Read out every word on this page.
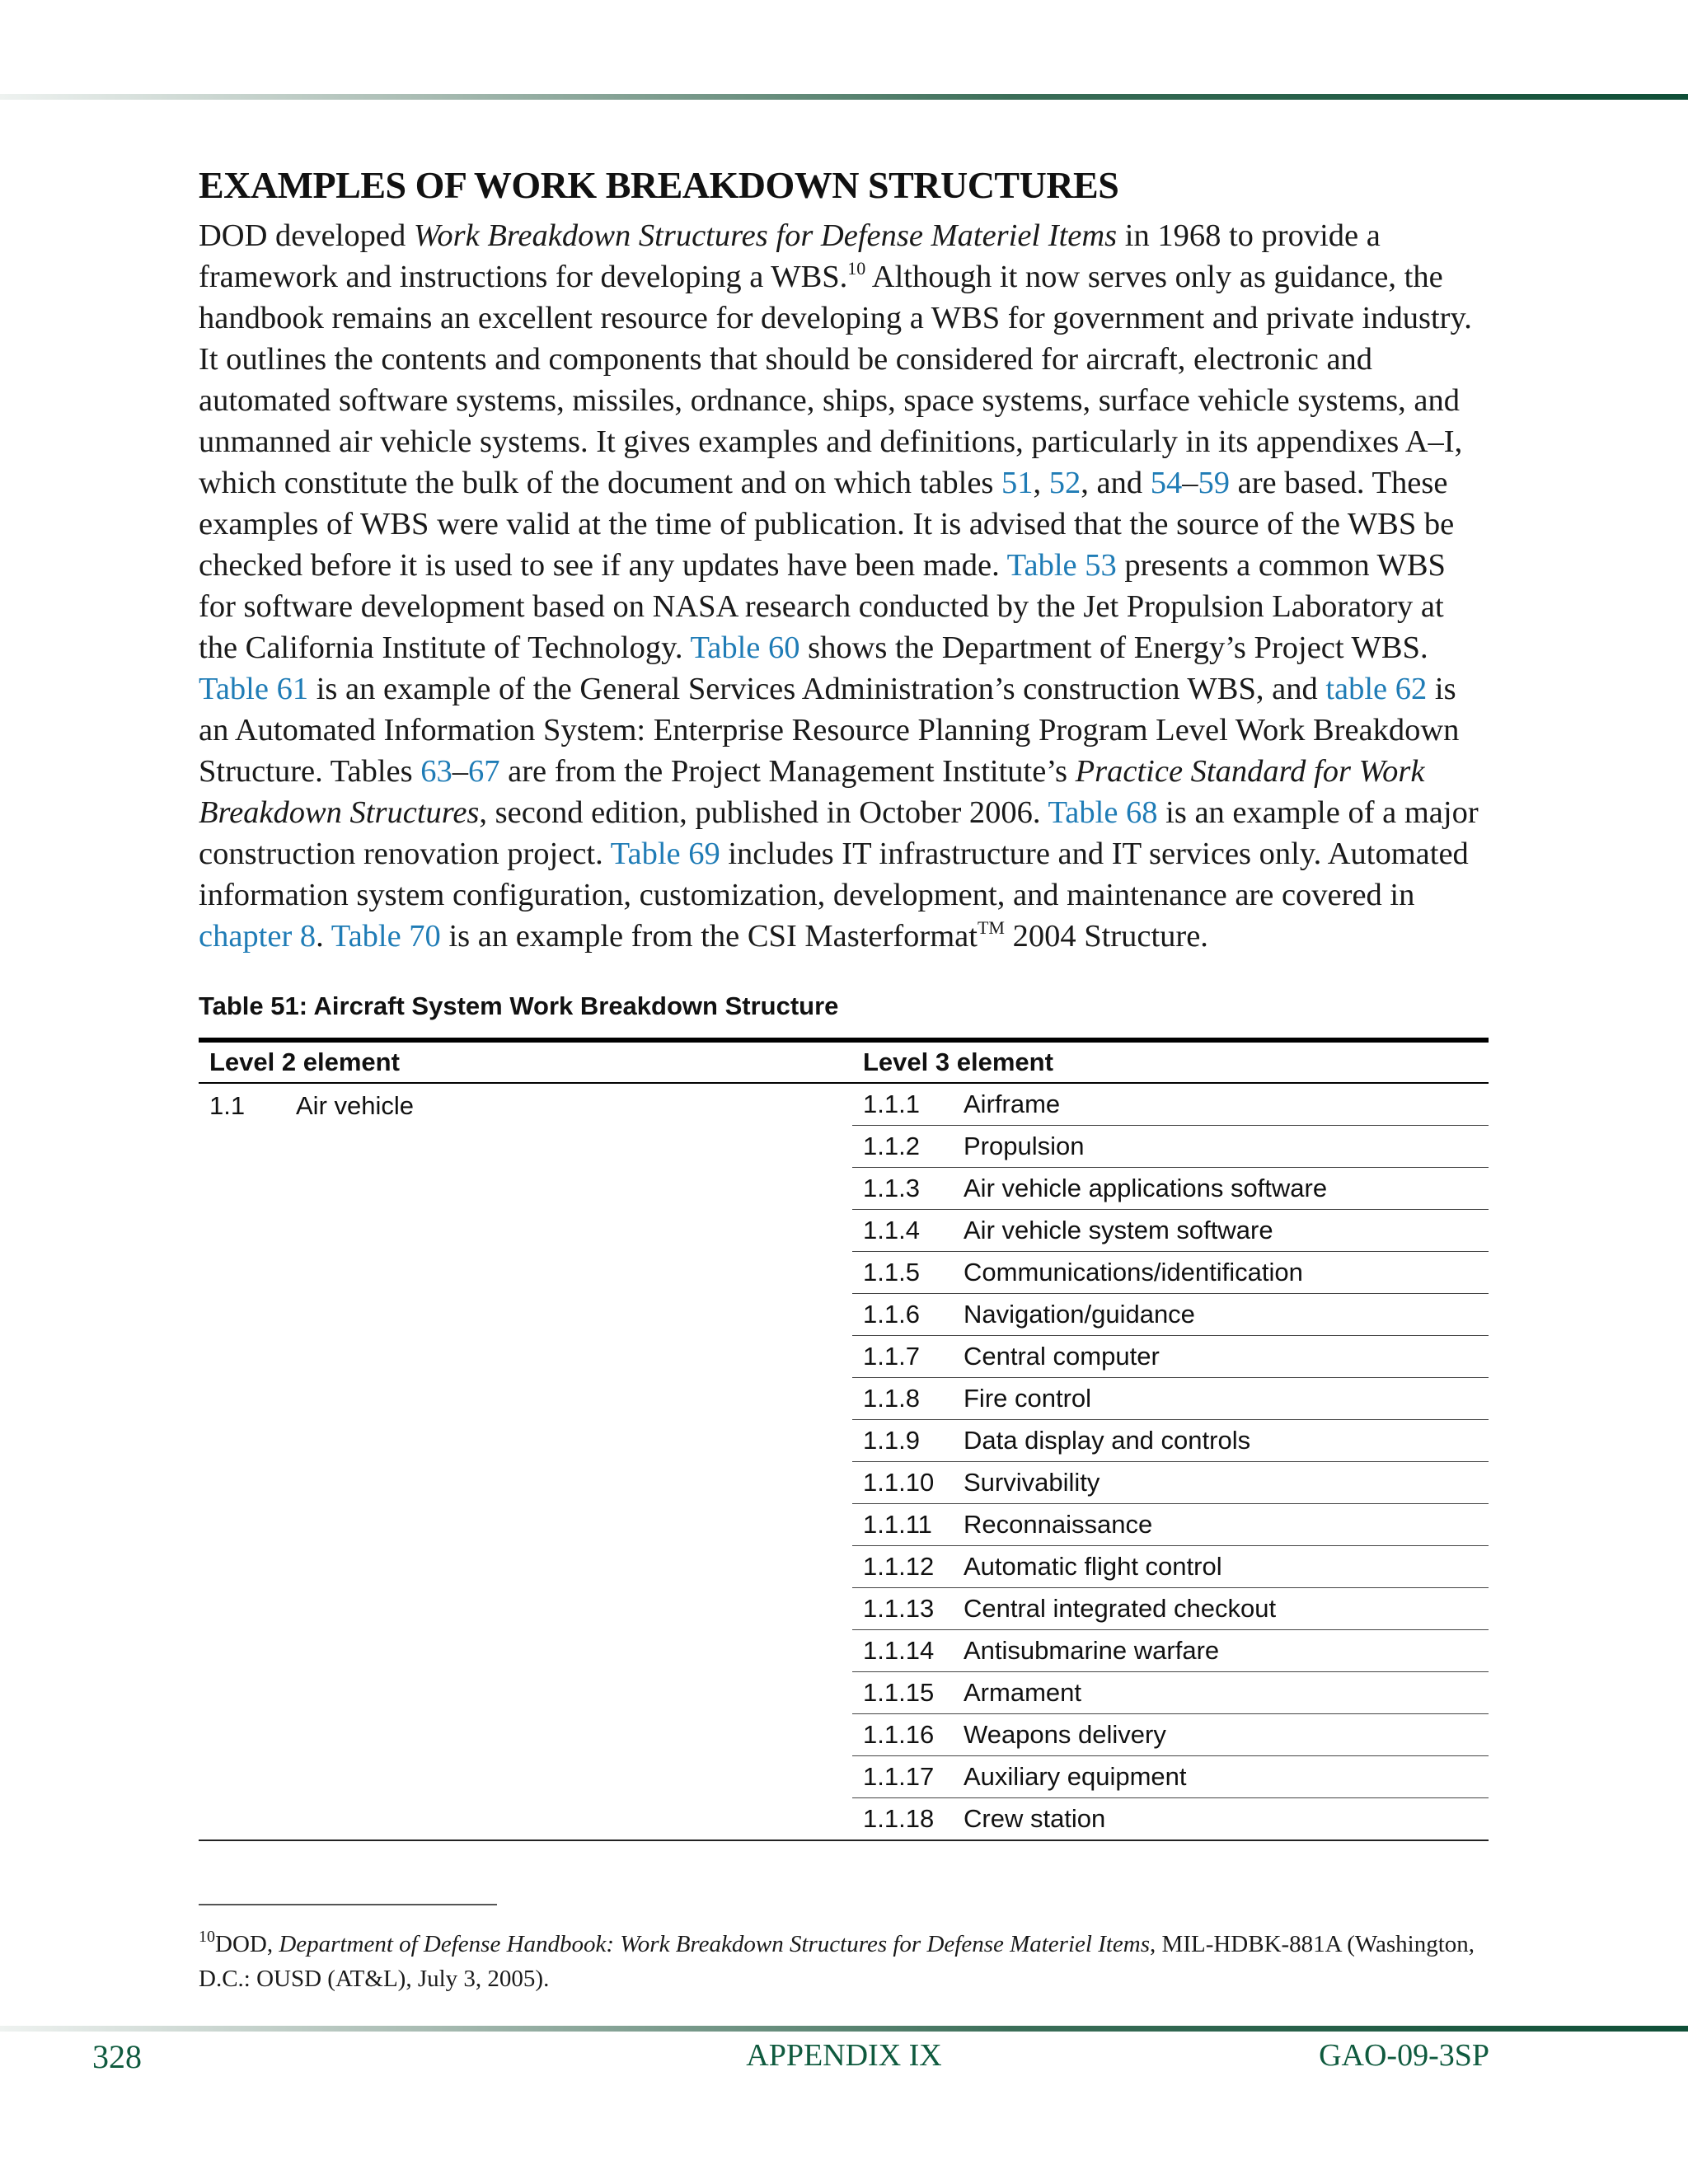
EXAMPLES OF WORK BREAKDOWN STRUCTURES

DOD developed Work Breakdown Structures for Defense Materiel Items in 1968 to provide a framework and instructions for developing a WBS.$^{10}$ Although it now serves only as guidance, the handbook remains an excellent resource for developing a WBS for government and private industry. It outlines the contents and components that should be considered for aircraft, electronic and automated software systems, missiles, ordnance, ships, space systems, surface vehicle systems, and unmanned air vehicle systems. It gives examples and definitions, particularly in its appendixes A–I, which constitute the bulk of the document and on which tables 51, 52, and 54–59 are based. These examples of WBS were valid at the time of publication. It is advised that the source of the WBS be checked before it is used to see if any updates have been made. Table 53 presents a common WBS for software development based on NASA research conducted by the Jet Propulsion Laboratory at the California Institute of Technology. Table 60 shows the Department of Energy’s Project WBS. Table 61 is an example of the General Services Administration’s construction WBS, and table 62 is an Automated Information System: Enterprise Resource Planning Program Level Work Breakdown Structure. Tables 63–67 are from the Project Management Institute’s Practice Standard for Work Breakdown Structures, second edition, published in October 2006. Table 68 is an example of a major construction renovation project. Table 69 includes IT infrastructure and IT services only. Automated information system configuration, customization, development, and maintenance are covered in chapter 8. Table 70 is an example from the CSI Masterformat™ 2004 Structure.

Table 51: Aircraft System Work Breakdown Structure
Level 2 element		Level 3 element	
1.1	Air vehicle	1.1.1	Airframe
		1.1.2	Propulsion
		1.1.3	Air vehicle applications software
		1.1.4	Air vehicle system software
		1.1.5	Communications/identification
		1.1.6	Navigation/guidance
		1.1.7	Central computer
		1.1.8	Fire control
		1.1.9	Data display and controls
		1.1.10	Survivability
		1.1.11	Reconnaissance
		1.1.12	Automatic flight control
		1.1.13	Central integrated checkout
		1.1.14	Antisubmarine warfare
		1.1.15	Armament
		1.1.16	Weapons delivery
		1.1.17	Auxiliary equipment
		1.1.18	Crew station
$^{10}$DOD, Department of Defense Handbook: Work Breakdown Structures for Defense Materiel Items, MIL-HDBK-881A (Washington, D.C.: OUSD (AT&L), July 3, 2005).
APPENDIX IX
328	GAO-09-3SP
